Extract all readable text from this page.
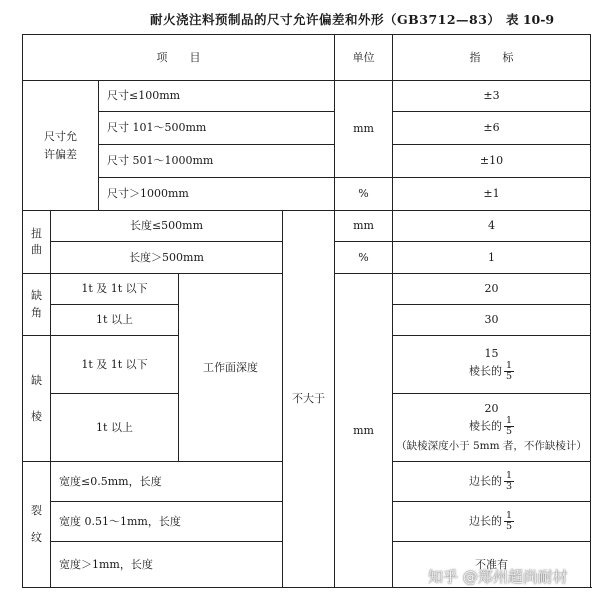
耐火浇注料预制品的尺寸允许偏差和外形（GB3712—83） 表 10-9
项　　目					单位	指　　标
尺寸允许偏差		尺寸≤100mm			mm	±3
		尺寸 101～500mm				±6
		尺寸 501～1000mm				±10
		尺寸＞1000mm			%	±1
扭曲	长度≤500mm			不大于	mm	4
	长度＞500mm				%	1
缺角	1t 及 1t 以下		工作面深度		mm	20
	1t 以上					30
缺棱	1t 及 1t 以下					15
棱长的 $\frac{1}{5}$

	1t 以上					20
棱长的 $\frac{1}{5}$
（缺棱深度小于 5mm 者，不作缺棱计）

裂纹	宽度≤0.5mm，长度					边长的 $\frac{1}{3}$

	宽度 0.51～1mm，长度					边长的 $\frac{1}{5}$

	宽度＞1mm，长度					不准有
知乎 @郑州超尚耐材
